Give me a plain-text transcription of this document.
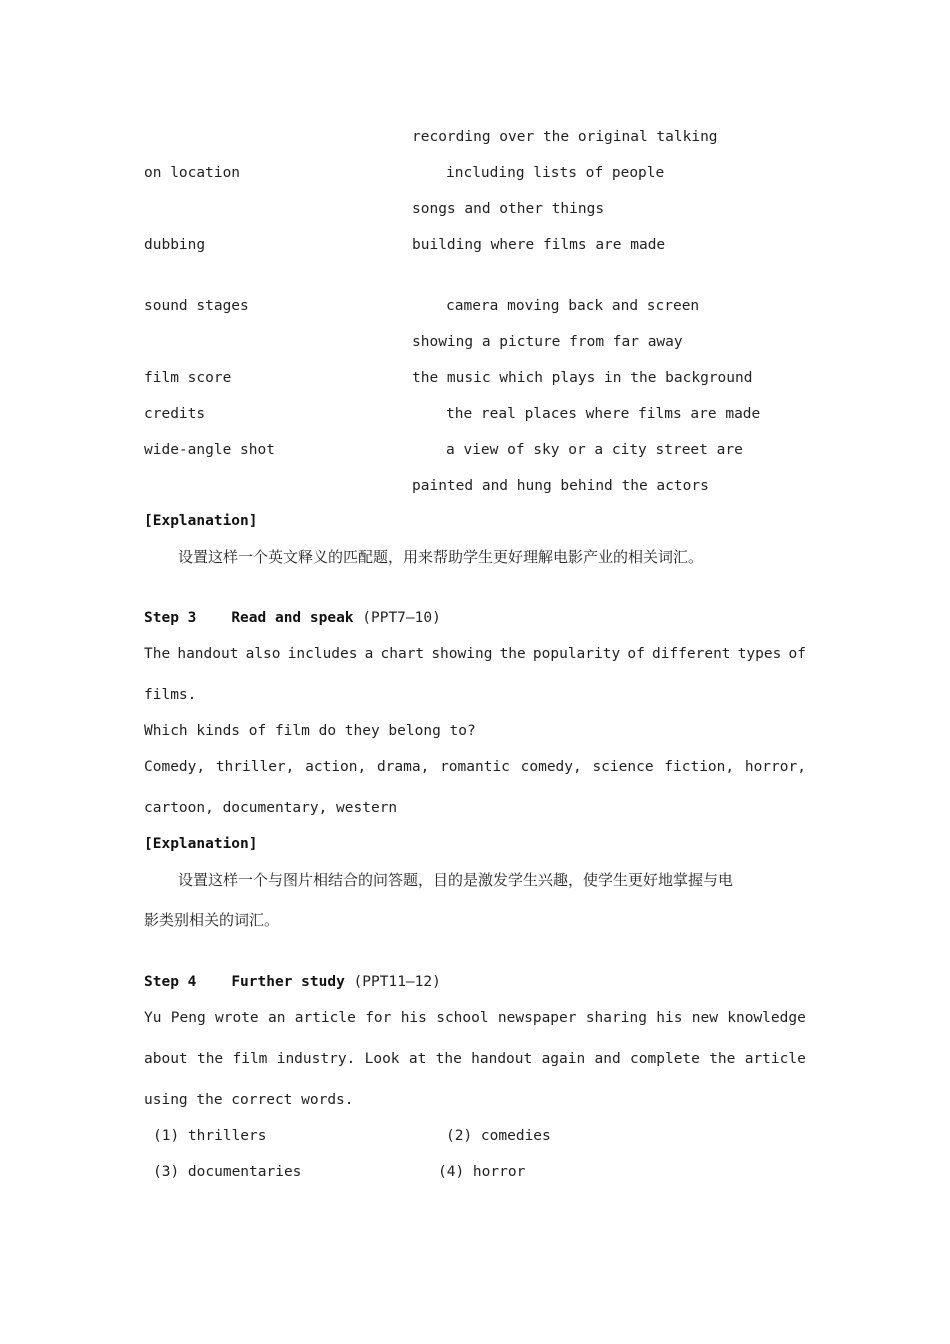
recording over the original talking
on location	including lists of people
songs and other things
dubbing	building where films are made
sound stages	camera moving back and screen
showing a picture from far away
film score	the music which plays in the background
credits	the real places where films are made
wide-angle shot	a view of sky or a city street are
painted and hung behind the actors
[Explanation]
设置这样一个英文释义的匹配题，用来帮助学生更好理解电影产业的相关词汇。
Step 3 Read and speak (PPT7—10)
The handout also includes a chart showing the popularity of different types of
films.
Which kinds of film do they belong to?
Comedy, thriller, action, drama, romantic comedy, science fiction, horror,
cartoon, documentary, western
[Explanation]
设置这样一个与图片相结合的问答题，目的是激发学生兴趣，使学生更好地掌握与电
影类别相关的词汇。
Step 4 Further study (PPT11—12)
Yu Peng wrote an article for his school newspaper sharing his new knowledge
about the film industry. Look at the handout again and complete the article
using the correct words.
(1) thrillers	(2) comedies
(3) documentaries	(4) horror
